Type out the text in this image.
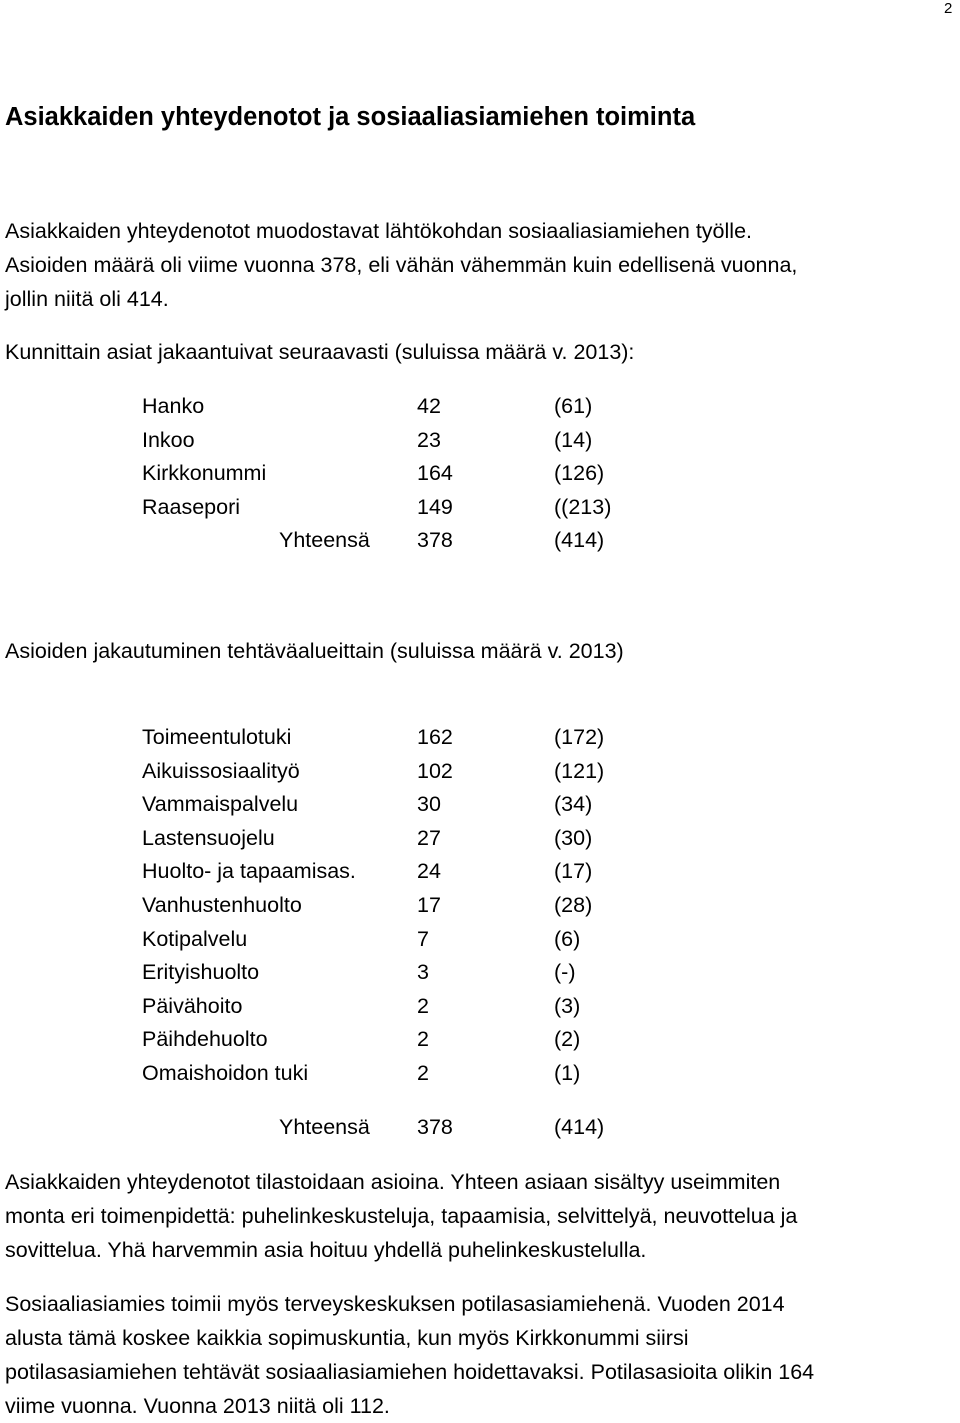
2
Asiakkaiden yhteydenotot ja sosiaaliasiamiehen toiminta
Asiakkaiden yhteydenotot muodostavat lähtökohdan sosiaaliasiamiehen työlle.
Asioiden määrä oli viime vuonna 378, eli vähän vähemmän kuin edellisenä vuonna,
jollin niitä oli 414.
Kunnittain asiat jakaantuivat seuraavasti (suluissa määrä v. 2013):
Hanko	42	(61)
Inkoo	23	(14)
Kirkkonummi	164	(126)
Raasepori	149	((213)
Yhteensä 378	(414)
Asioiden jakautuminen tehtäväalueittain (suluissa määrä v. 2013)
Toimeentulotuki	162	(172)
Aikuissosiaalityö	102	(121)
Vammaispalvelu	30	(34)
Lastensuojelu	27	(30)
Huolto- ja tapaamisas.	24	(17)
Vanhustenhuolto	17	(28)
Kotipalvelu	7	(6)
Erityishuolto	3	(-)
Päivähoito	2	(3)
Päihdehuolto	2	(2)
Omaishoidon tuki	2	(1)
Yhteensä 378	(414)
Asiakkaiden yhteydenotot tilastoidaan asioina. Yhteen asiaan sisältyy useimmiten
monta eri toimenpidettä: puhelinkeskusteluja, tapaamisia, selvittelyä, neuvottelua ja
sovittelua. Yhä harvemmin asia hoituu yhdellä puhelinkeskustelulla.
Sosiaaliasiamies toimii myös terveyskeskuksen potilasasiamiehenä. Vuoden 2014
alusta tämä koskee kaikkia sopimuskuntia, kun myös Kirkkonummi siirsi
potilasasiamiehen tehtävät sosiaaliasiamiehen hoidettavaksi. Potilasasioita olikin 164
viime vuonna. Vuonna 2013 niitä oli 112.
